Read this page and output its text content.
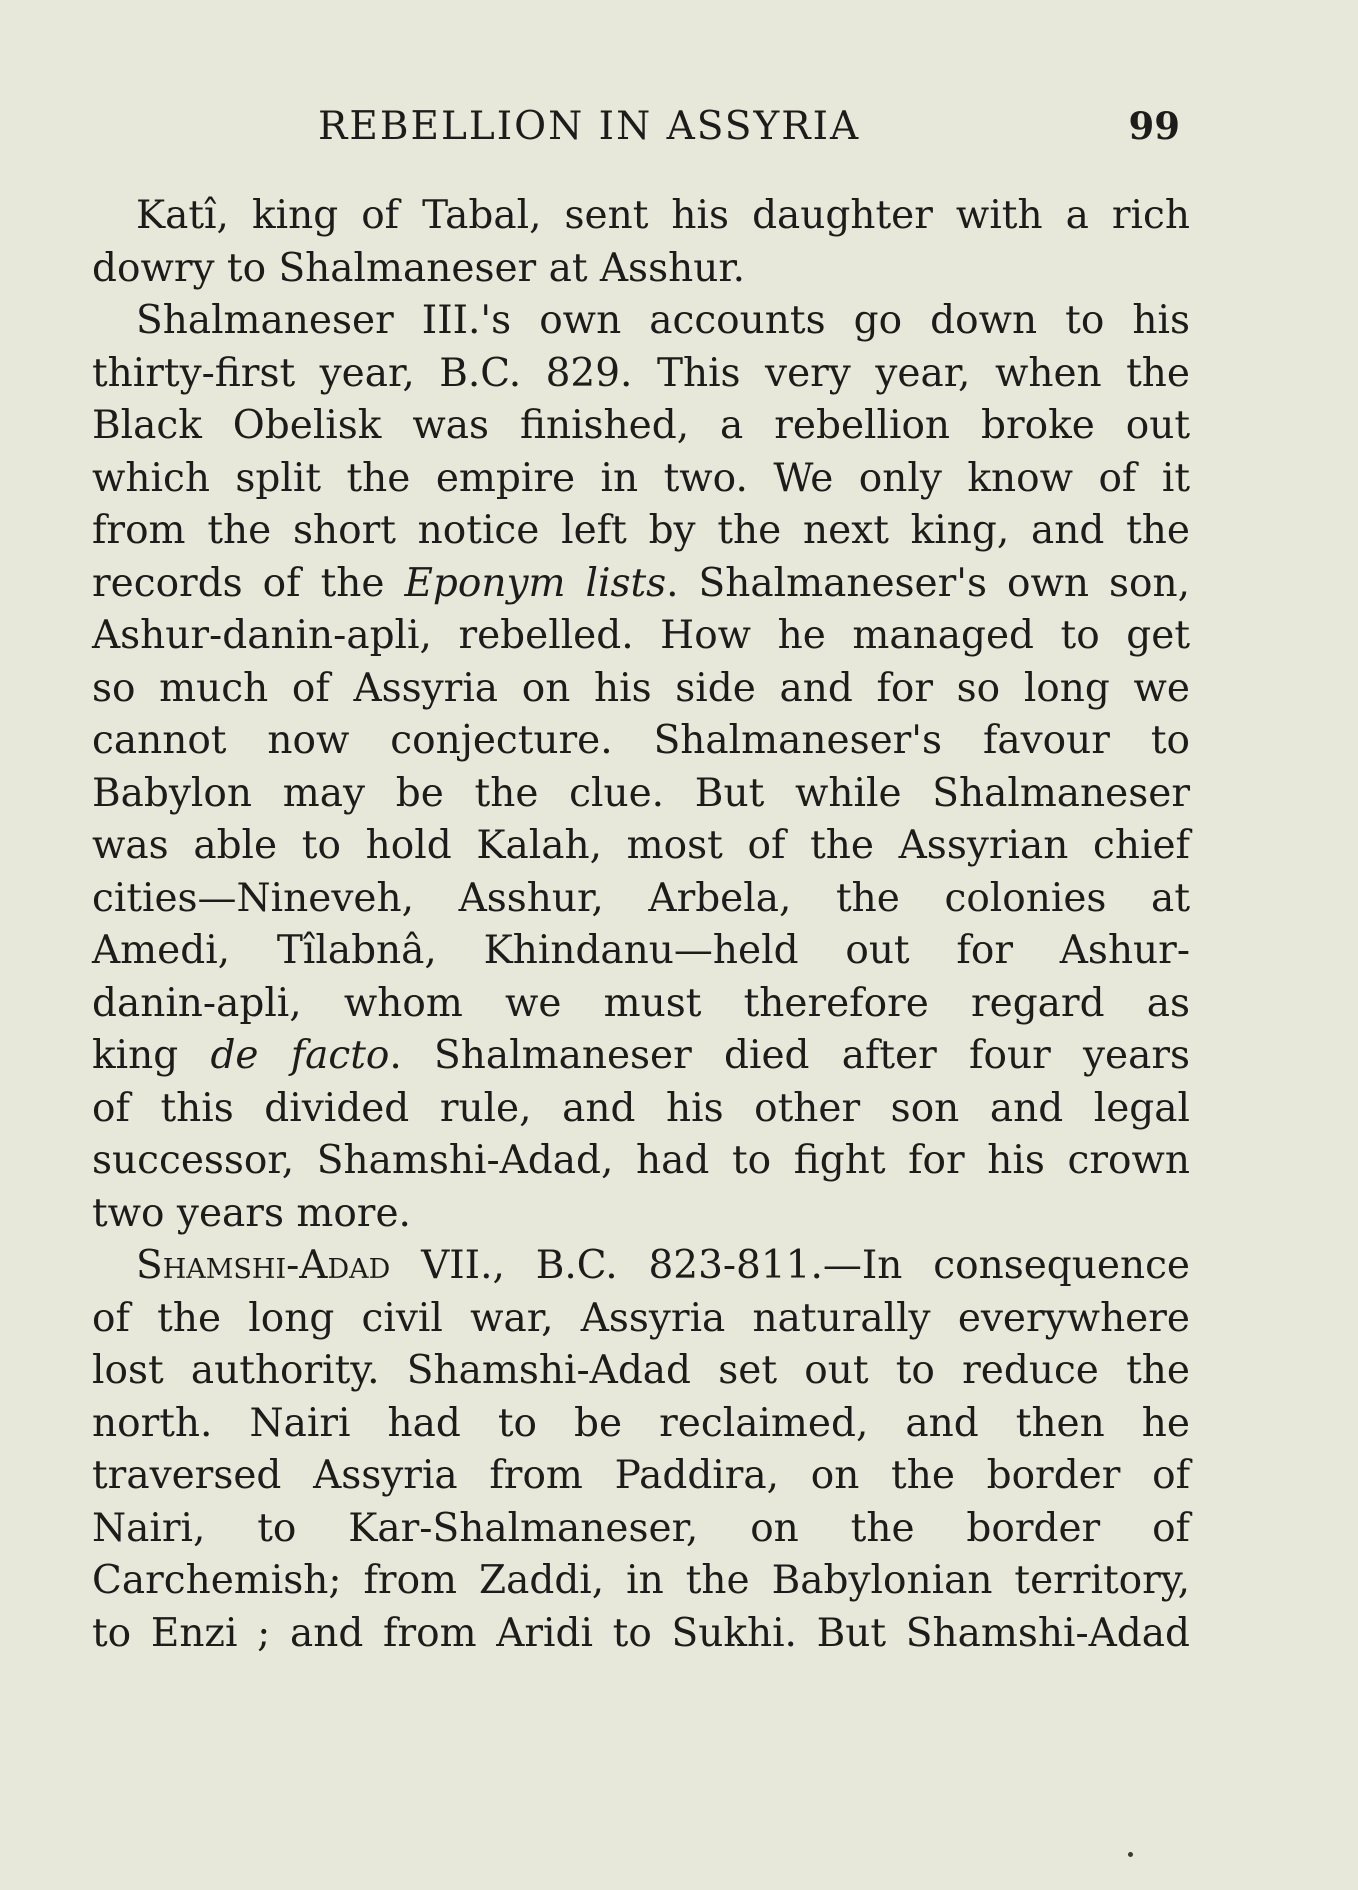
REBELLION IN ASSYRIA	99
Katî, king of Tabal, sent his daughter with a rich
dowry to Shalmaneser at Asshur.
Shalmaneser III.'s own accounts go down to his
thirty-first year, B.C. 829. This very year, when the
Black Obelisk was finished, a rebellion broke out
which split the empire in two. We only know of it
from the short notice left by the next king, and the
records of the Eponym lists. Shalmaneser's own son,
Ashur-danin-apli, rebelled. How he managed to get
so much of Assyria on his side and for so long we
cannot now conjecture. Shalmaneser's favour to
Babylon may be the clue. But while Shalmaneser
was able to hold Kalah, most of the Assyrian chief
cities—Nineveh, Asshur, Arbela, the colonies at
Amedi, Tîlabnâ, Khindanu—held out for Ashur-
danin-apli, whom we must therefore regard as
king de facto. Shalmaneser died after four years
of this divided rule, and his other son and legal
successor, Shamshi-Adad, had to fight for his crown
two years more.
Shamshi-Adad VII., B.C. 823-811.—In consequence
of the long civil war, Assyria naturally everywhere
lost authority. Shamshi-Adad set out to reduce the
north. Nairi had to be reclaimed, and then he
traversed Assyria from Paddira, on the border of
Nairi, to Kar-Shalmaneser, on the border of
Carchemish; from Zaddi, in the Babylonian territory,
to Enzi ; and from Aridi to Sukhi. But Shamshi-Adad
